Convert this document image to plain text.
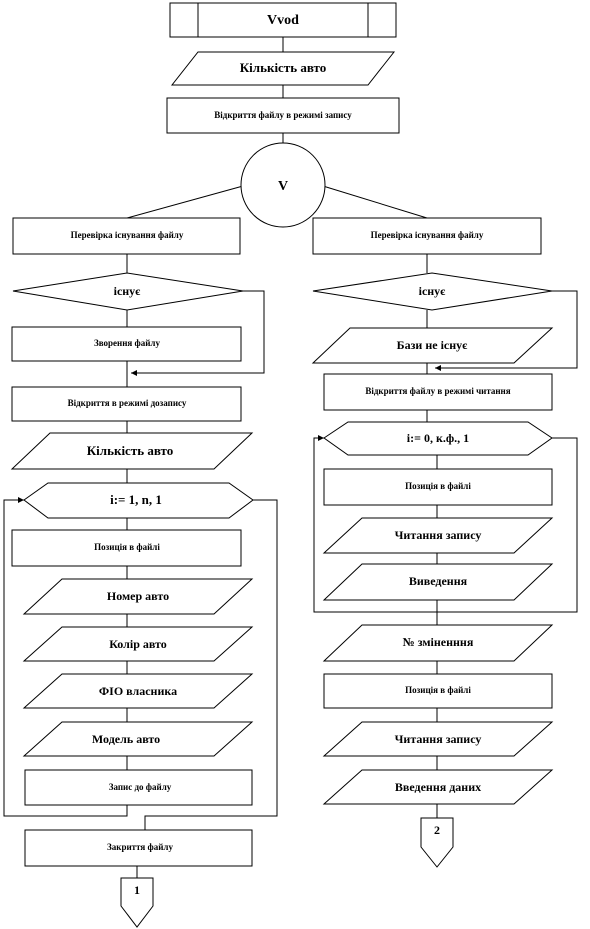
Vvod
Кількість авто
Відкриття файлу в режимі запису
V
Перевірка існування файлу
існує
Зворення файлу
Відкриття в режимі дозапису
Кількість авто
i:= 1, n, 1
Позиція в файлі
Номер авто
Колір авто
ФІО власника
Модель авто
Запис до файлу
Закриття файлу
1
Перевірка існування файлу
існує
Бази не існує
Відкриття файлу в режимі читання
i:= 0, к.ф., 1
Позиція в файлі
Читання запису
Виведення
№ зміненння
Позиція в файлі
Читання запису
Введення даних
2
